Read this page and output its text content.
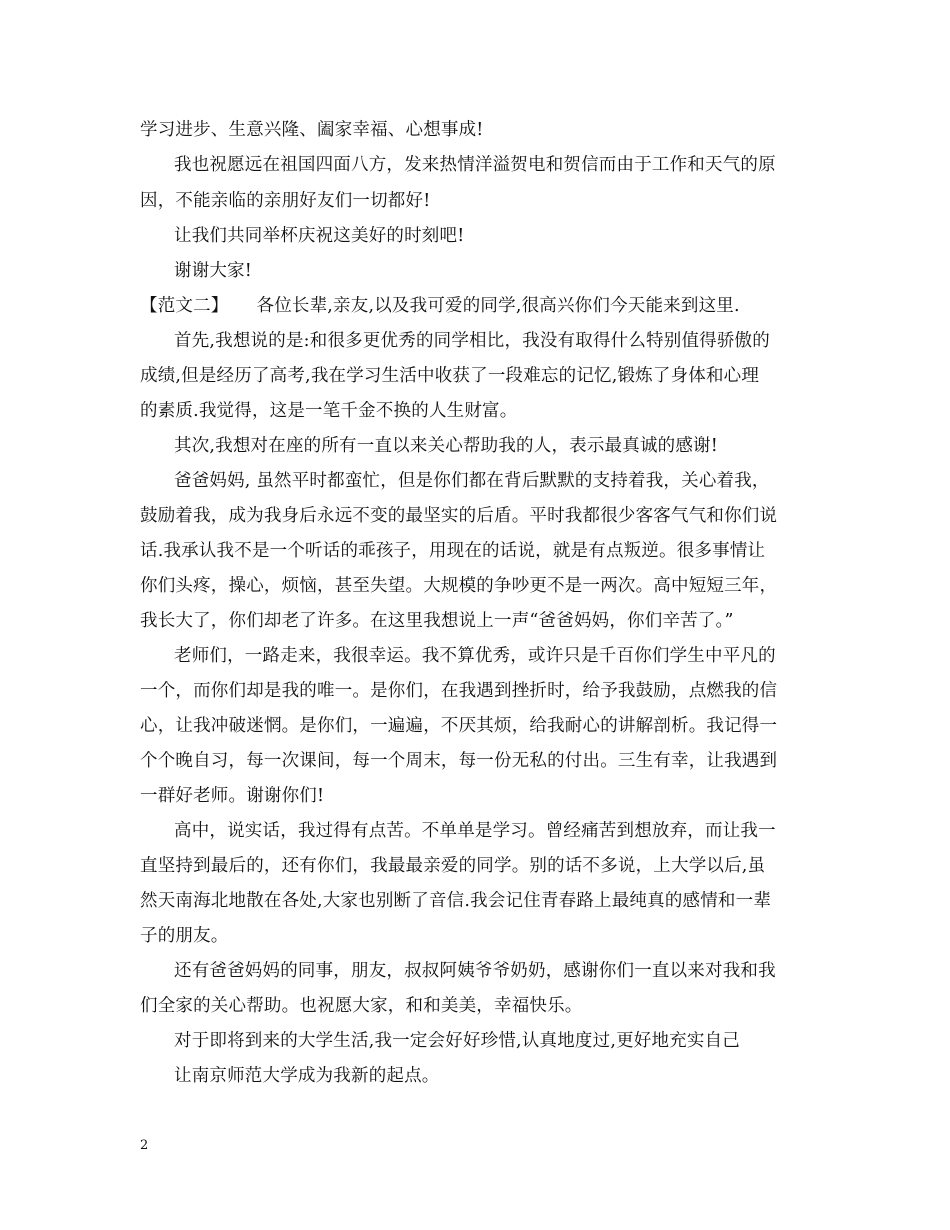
学习进步、生意兴隆、阖家幸福、心想事成!
我也祝愿远在祖国四面八方，发来热情洋溢贺电和贺信而由于工作和天气的原
因，不能亲临的亲朋好友们一切都好!
让我们共同举杯庆祝这美好的时刻吧!
谢谢大家!
【范文二】 各位长辈,亲友,以及我可爱的同学,很高兴你们今天能来到这里.
首先,我想说的是:和很多更优秀的同学相比，我没有取得什么特别值得骄傲的
成绩,但是经历了高考,我在学习生活中收获了一段难忘的记忆,锻炼了身体和心理
的素质.我觉得，这是一笔千金不换的人生财富。
其次,我想对在座的所有一直以来关心帮助我的人，表示最真诚的感谢!
爸爸妈妈, 虽然平时都蛮忙，但是你们都在背后默默的支持着我，关心着我，
鼓励着我，成为我身后永远不变的最坚实的后盾。平时我都很少客客气气和你们说
话.我承认我不是一个听话的乖孩子，用现在的话说，就是有点叛逆。很多事情让
你们头疼，操心，烦恼，甚至失望。大规模的争吵更不是一两次。高中短短三年，
我长大了，你们却老了许多。在这里我想说上一声“爸爸妈妈，你们辛苦了。”
老师们，一路走来，我很幸运。我不算优秀，或许只是千百你们学生中平凡的
一个，而你们却是我的唯一。是你们，在我遇到挫折时，给予我鼓励，点燃我的信
心，让我冲破迷惘。是你们，一遍遍，不厌其烦，给我耐心的讲解剖析。我记得一
个个晚自习，每一次课间，每一个周末，每一份无私的付出。三生有幸，让我遇到
一群好老师。谢谢你们!
高中，说实话，我过得有点苦。不单单是学习。曾经痛苦到想放弃，而让我一
直坚持到最后的，还有你们，我最最亲爱的同学。别的话不多说，上大学以后,虽
然天南海北地散在各处,大家也别断了音信.我会记住青春路上最纯真的感情和一辈
子的朋友。
还有爸爸妈妈的同事，朋友，叔叔阿姨爷爷奶奶，感谢你们一直以来对我和我
们全家的关心帮助。也祝愿大家，和和美美，幸福快乐。
对于即将到来的大学生活,我一定会好好珍惜,认真地度过,更好地充实自己
让南京师范大学成为我新的起点。
2
